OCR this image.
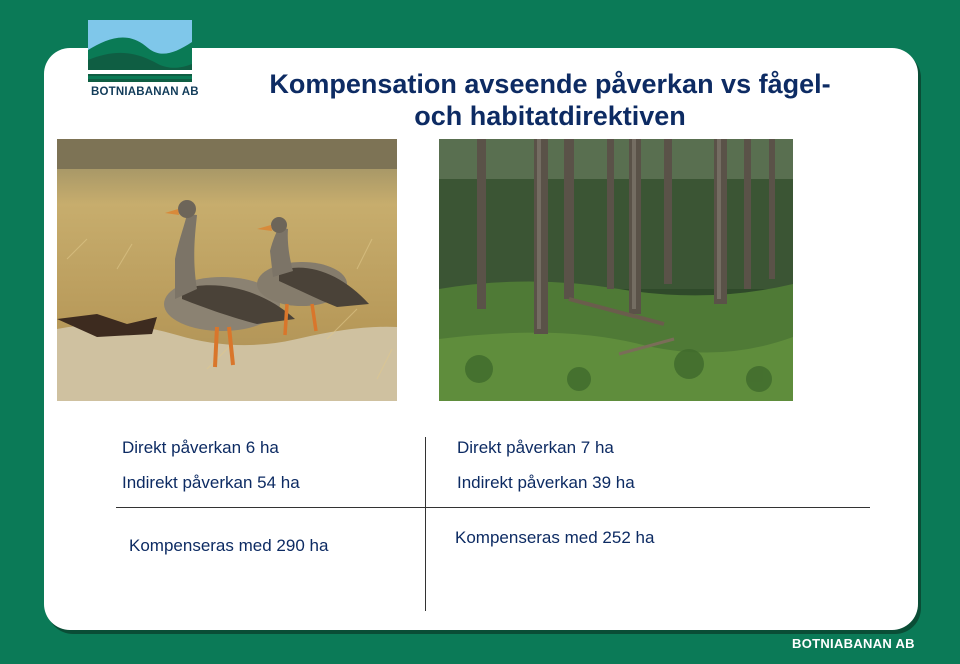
BOTNIABANAN AB	Kompensation avseende påverkan vs fågel-
och habitatdirektiven
Direkt påverkan 6 ha
Indirekt påverkan 54 ha
Kompenseras med 290 ha
Direkt påverkan 7 ha
Indirekt påverkan 39 ha
Kompenseras med 252 ha
BOTNIABANAN AB
